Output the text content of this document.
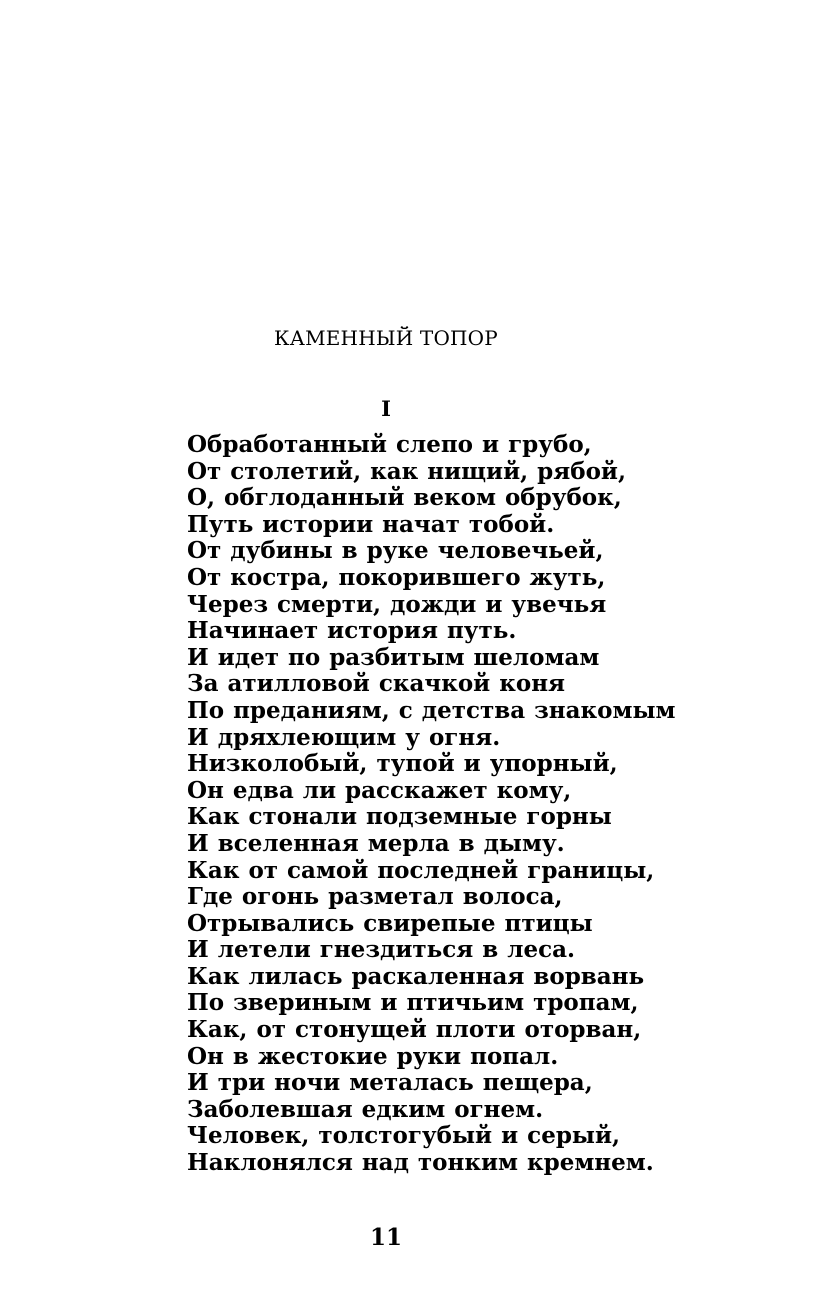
КАМЕННЫЙ ТОПОР
I
Обработанный слепо и грубо,
От столетий, как нищий, рябой,
О, обглоданный веком обрубок,
Путь истории начат тобой.
От дубины в руке человечьей,
От костра, покорившего жуть,
Через смерти, дожди и увечья
Начинает история путь.
И идет по разбитым шеломам
За атилловой скачкой коня
По преданиям, с детства знакомым
И дряхлеющим у огня.
Низколобый, тупой и упорный,
Он едва ли расскажет кому,
Как стонали подземные горны
И вселенная мерла в дыму.
Как от самой последней границы,
Где огонь разметал волоса,
Отрывались свирепые птицы
И летели гнездиться в леса.
Как лилась раскаленная ворвань
По звериным и птичьим тропам,
Как, от стонущей плоти оторван,
Он в жестокие руки попал.
И три ночи металась пещера,
Заболевшая едким огнем.
Человек, толстогубый и серый,
Наклонялся над тонким кремнем.
11
